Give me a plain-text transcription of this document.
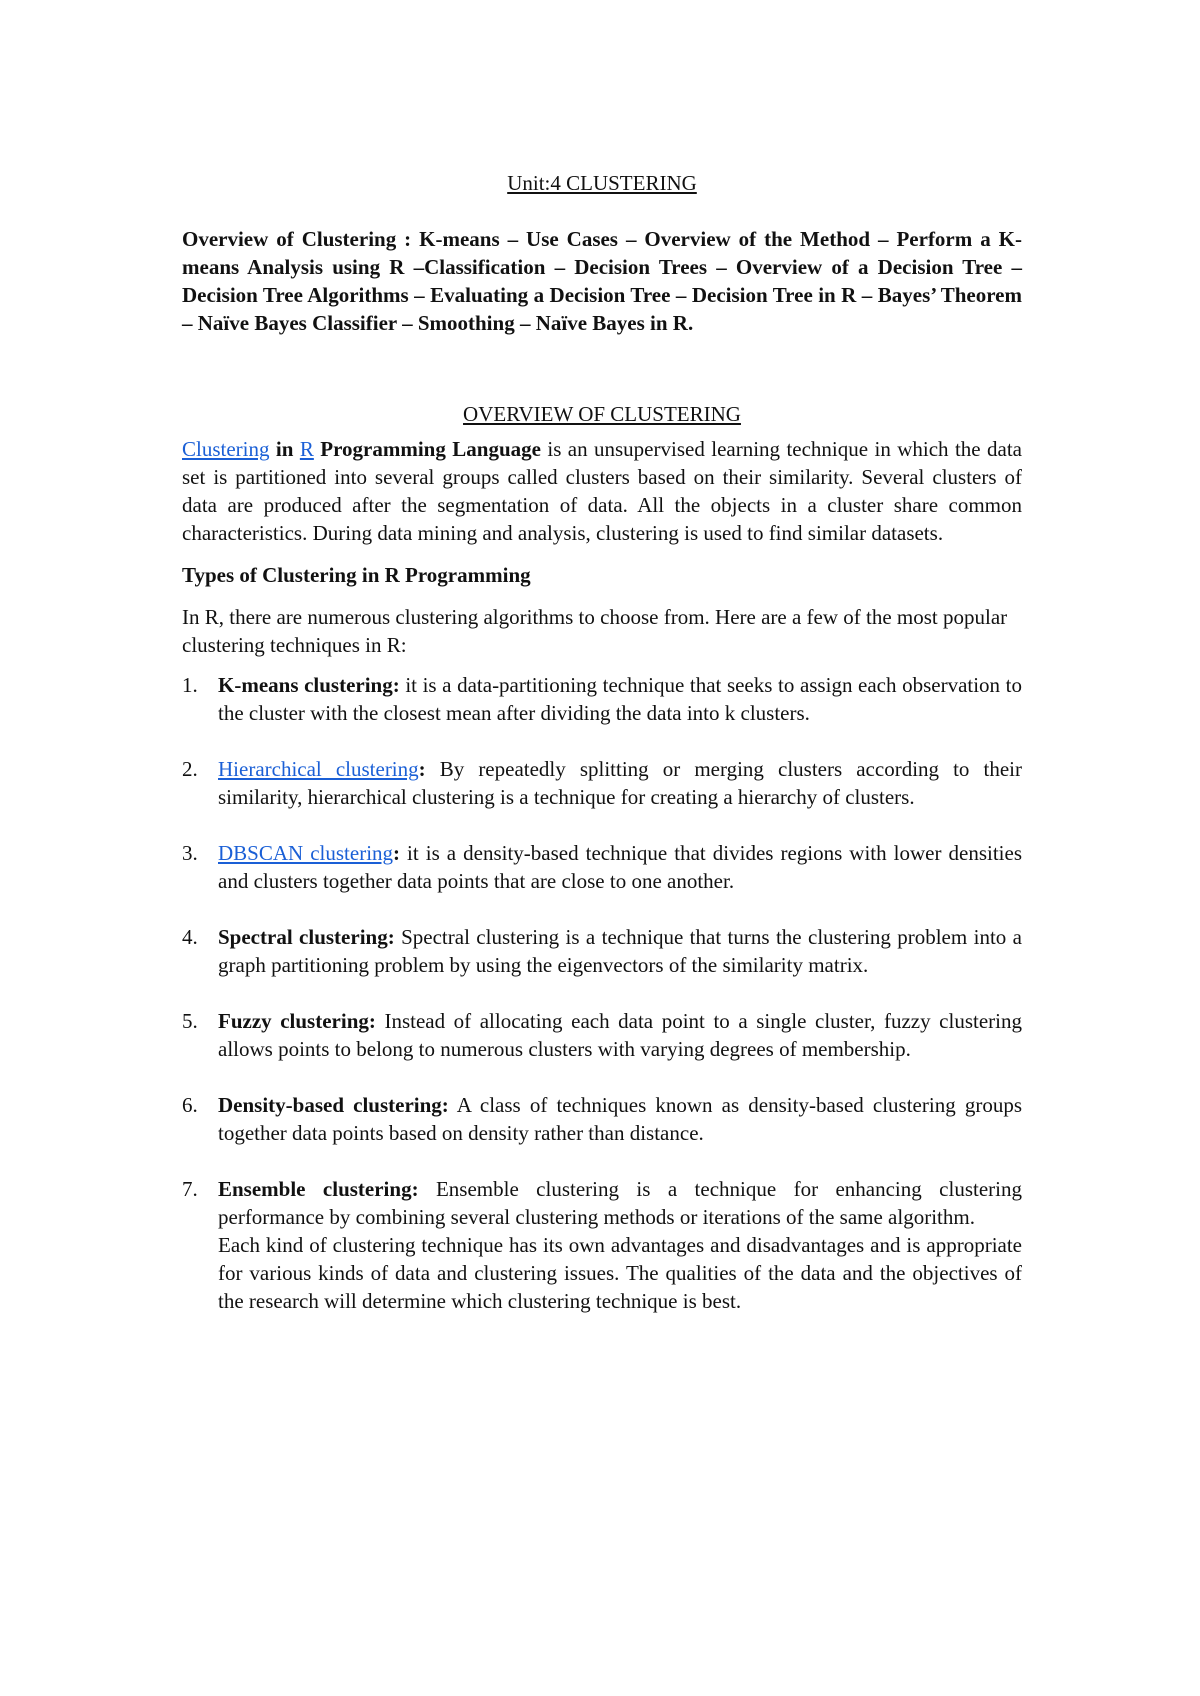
Unit:4 CLUSTERING

Overview of Clustering : K-means – Use Cases – Overview of the Method – Perform a K-means Analysis using R –Classification – Decision Trees – Overview of a Decision Tree – Decision Tree Algorithms – Evaluating a Decision Tree – Decision Tree in R – Bayes’ Theorem – Naïve Bayes Classifier – Smoothing – Naïve Bayes in R.

OVERVIEW OF CLUSTERING

Clustering in R Programming Language is an unsupervised learning technique in which the data set is partitioned into several groups called clusters based on their similarity. Several clusters of data are produced after the segmentation of data. All the objects in a cluster share common characteristics. During data mining and analysis, clustering is used to find similar datasets.

Types of Clustering in R Programming

In R, there are numerous clustering algorithms to choose from. Here are a few of the most popular clustering techniques in R:

1. K-means clustering: it is a data-partitioning technique that seeks to assign each observation to the cluster with the closest mean after dividing the data into k clusters.
2. Hierarchical clustering: By repeatedly splitting or merging clusters according to their similarity, hierarchical clustering is a technique for creating a hierarchy of clusters.
3. DBSCAN clustering: it is a density-based technique that divides regions with lower densities and clusters together data points that are close to one another.
4. Spectral clustering: Spectral clustering is a technique that turns the clustering problem into a graph partitioning problem by using the eigenvectors of the similarity matrix.
5. Fuzzy clustering: Instead of allocating each data point to a single cluster, fuzzy clustering allows points to belong to numerous clusters with varying degrees of membership.
6. Density-based clustering: A class of techniques known as density-based clustering groups together data points based on density rather than distance.
7. Ensemble clustering: Ensemble clustering is a technique for enhancing clustering performance by combining several clustering methods or iterations of the same algorithm.
Each kind of clustering technique has its own advantages and disadvantages and is appropriate for various kinds of data and clustering issues. The qualities of the data and the objectives of the research will determine which clustering technique is best.
